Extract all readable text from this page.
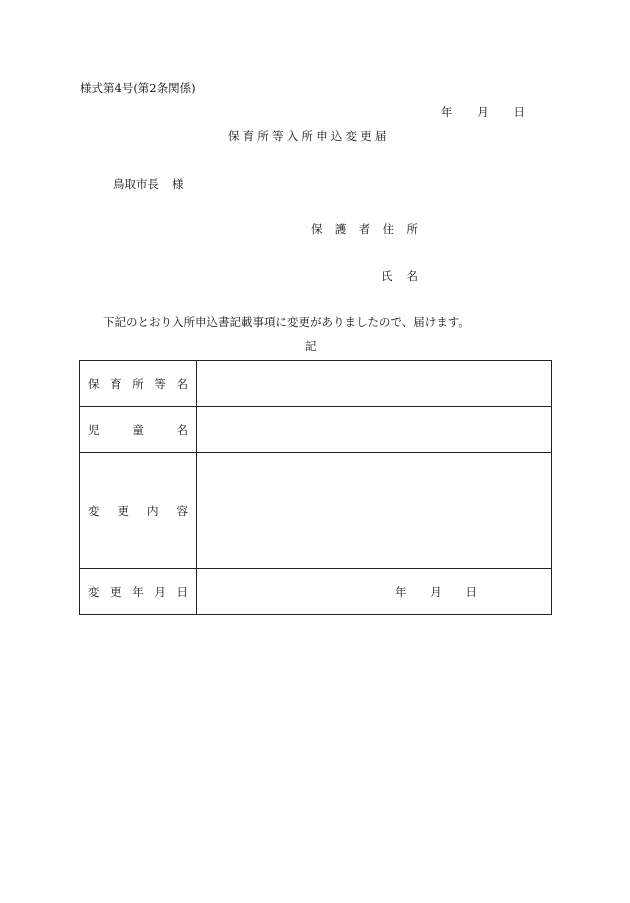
様式第4号(第2条関係)
年 月 日
保育所等入所申込変更届
鳥取市長 様
保 護 者 住 所
氏 名
下記のとおり入所申込書記載事項に変更がありましたので、届けます。
記
保 育 所 等 名	

児 童 名	

変 更 内 容	

変 更 年 月 日	年 月 日
